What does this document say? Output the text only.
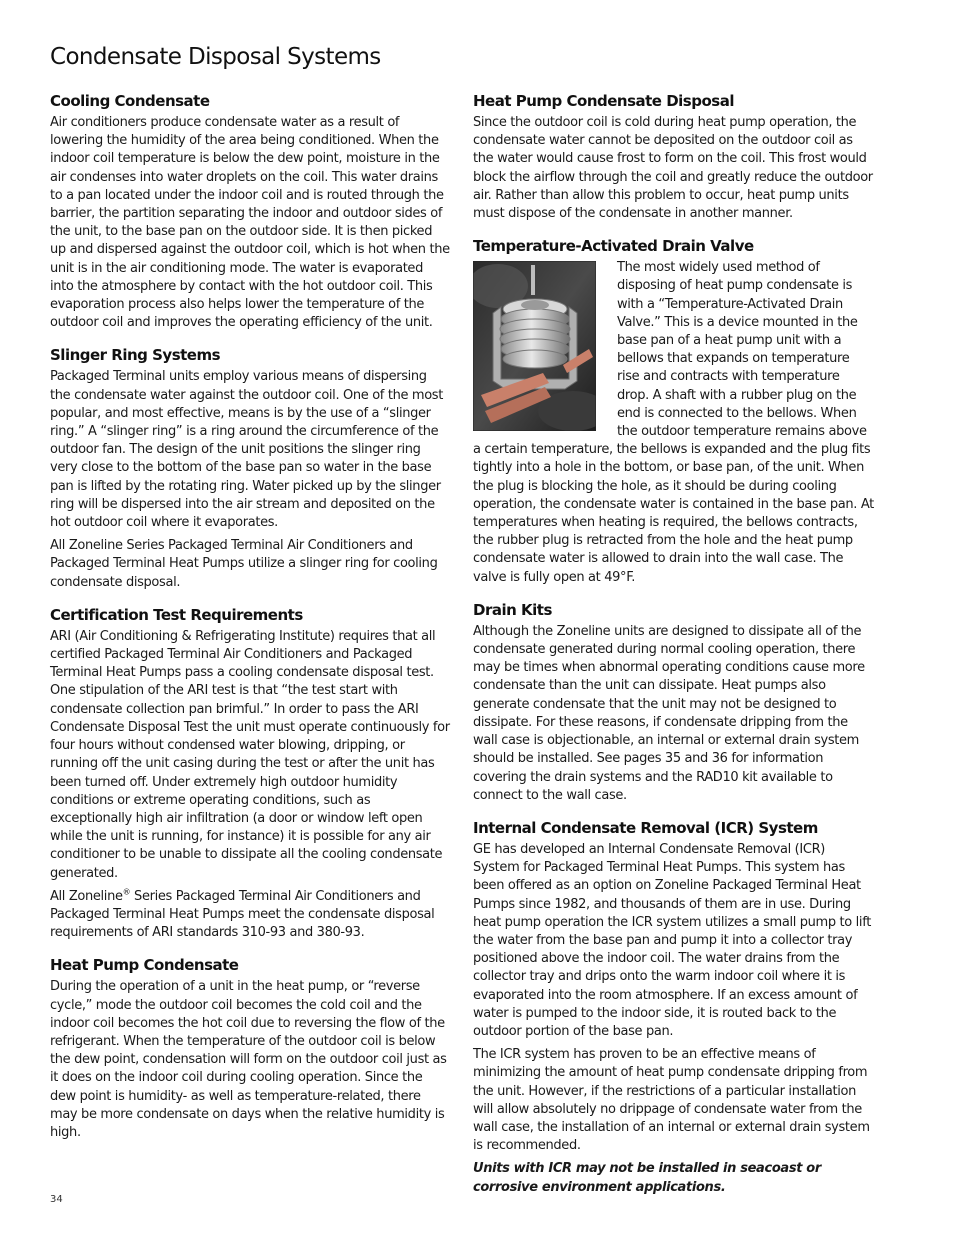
Condensate Disposal Systems
Cooling Condensate

Air conditioners produce condensate water as a result of lowering the humidity of the area being conditioned. When the indoor coil temperature is below the dew point, moisture in the air condenses into water droplets on the coil. This water drains to a pan located under the indoor coil and is routed through the barrier, the partition separating the indoor and outdoor sides of the unit, to the base pan on the outdoor side. It is then picked up and dispersed against the outdoor coil, which is hot when the unit is in the air conditioning mode. The water is evaporated into the atmosphere by contact with the hot outdoor coil. This evaporation process also helps lower the temperature of the outdoor coil and improves the operating efficiency of the unit.

Slinger Ring Systems

Packaged Terminal units employ various means of dispersing the condensate water against the outdoor coil. One of the most popular, and most effective, means is by the use of a “slinger ring.” A “slinger ring” is a ring around the circumference of the outdoor fan. The design of the unit positions the slinger ring very close to the bottom of the base pan so water in the base pan is lifted by the rotating ring. Water picked up by the slinger ring will be dispersed into the air stream and deposited on the hot outdoor coil where it evaporates.

All Zoneline Series Packaged Terminal Air Conditioners and Packaged Terminal Heat Pumps utilize a slinger ring for cooling condensate disposal.

Certification Test Requirements

ARI (Air Conditioning & Refrigerating Institute) requires that all certified Packaged Terminal Air Conditioners and Packaged Terminal Heat Pumps pass a cooling condensate disposal test. One stipulation of the ARI test is that “the test start with condensate collection pan brimful.” In order to pass the ARI Condensate Disposal Test the unit must operate continuously for four hours without condensed water blowing, dripping, or running off the unit casing during the test or after the unit has been turned off. Under extremely high outdoor humidity conditions or extreme operating conditions, such as exceptionally high air infiltration (a door or window left open while the unit is running, for instance) it is possible for any air conditioner to be unable to dissipate all the cooling condensate generated.

All Zoneline® Series Packaged Terminal Air Conditioners and Packaged Terminal Heat Pumps meet the condensate disposal requirements of ARI standards 310-93 and 380-93.

Heat Pump Condensate

During the operation of a unit in the heat pump, or “reverse cycle,” mode the outdoor coil becomes the cold coil and the indoor coil becomes the hot coil due to reversing the flow of the refrigerant. When the temperature of the outdoor coil is below the dew point, condensation will form on the outdoor coil just as it does on the indoor coil during cooling operation. Since the dew point is humidity- as well as temperature-related, there may be more condensate on days when the relative humidity is high.

Heat Pump Condensate Disposal

Since the outdoor coil is cold during heat pump operation, the condensate water cannot be deposited on the outdoor coil as the water would cause frost to form on the coil. This frost would block the airflow through the coil and greatly reduce the outdoor air. Rather than allow this problem to occur, heat pump units must dispose of the condensate in another manner.

Temperature-Activated Drain Valve

The most widely used method of disposing of heat pump condensate is with a “Temperature-Activated Drain Valve.” This is a device mounted in the base pan of a heat pump unit with a bellows that expands on temperature rise and contracts with temperature drop. A shaft with a rubber plug on the end is connected to the bellows. When the outdoor temperature remains above a certain temperature, the bellows is expanded and the plug fits tightly into a hole in the bottom, or base pan, of the unit. When the plug is blocking the hole, as it should be during cooling operation, the condensate water is contained in the base pan. At temperatures when heating is required, the bellows contracts, the rubber plug is retracted from the hole and the heat pump condensate water is allowed to drain into the wall case. The valve is fully open at 49°F.

Drain Kits

Although the Zoneline units are designed to dissipate all of the condensate generated during normal cooling operation, there may be times when abnormal operating conditions cause more condensate than the unit can dissipate. Heat pumps also generate condensate that the unit may not be designed to dissipate. For these reasons, if condensate dripping from the wall case is objectionable, an internal or external drain system should be installed. See pages 35 and 36 for information covering the drain systems and the RAD10 kit available to connect to the wall case.

Internal Condensate Removal (ICR) System

GE has developed an Internal Condensate Removal (ICR) System for Packaged Terminal Heat Pumps. This system has been offered as an option on Zoneline Packaged Terminal Heat Pumps since 1982, and thousands of them are in use. During heat pump operation the ICR system utilizes a small pump to lift the water from the base pan and pump it into a collector tray positioned above the indoor coil. The water drains from the collector tray and drips onto the warm indoor coil where it is evaporated into the room atmosphere. If an excess amount of water is pumped to the indoor side, it is routed back to the outdoor portion of the base pan.

The ICR system has proven to be an effective means of minimizing the amount of heat pump condensate dripping from the unit. However, if the restrictions of a particular installation will allow absolutely no drippage of condensate water from the wall case, the installation of an internal or external drain system is recommended.

Units with ICR may not be installed in seacoast or corrosive environment applications.

34
